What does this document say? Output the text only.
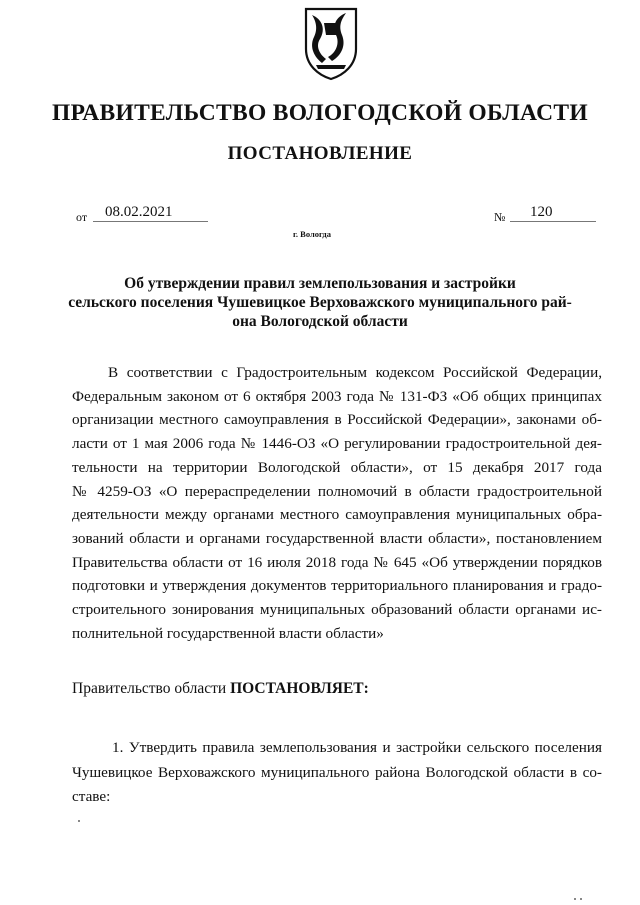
ПРАВИТЕЛЬСТВО ВОЛОГОДСКОЙ ОБЛАСТИ
ПОСТАНОВЛЕНИЕ
от	08.02.2021	№	120
г. Вологда
Об утверждении правил землепользования и застройки
сельского поселения Чушевицкое Верховажского муниципального рай-
она Вологодской области
В соответствии с Градостроительным кодексом Российской Федерации,
Федеральным законом от 6 октября 2003 года № 131-ФЗ «Об общих принципах
организации местного самоуправления в Российской Федерации», законами об-
ласти от 1 мая 2006 года № 1446-ОЗ «О регулировании градостроительной дея-
тельности на территории Вологодской области», от 15 декабря 2017 года
№ 4259-ОЗ «О перераспределении полномочий в области градостроительной
деятельности между органами местного самоуправления муниципальных обра-
зований области и органами государственной власти области», постановлением
Правительства области от 16 июля 2018 года № 645 «Об утверждении порядков
подготовки и утверждения документов территориального планирования и градо-
строительного зонирования муниципальных образований области органами ис-
полнительной государственной власти области»
Правительство области ПОСТАНОВЛЯЕТ:
1. Утвердить правила землепользования и застройки сельского поселения
Чушевицкое Верховажского муниципального района Вологодской области в со-
ставе:
